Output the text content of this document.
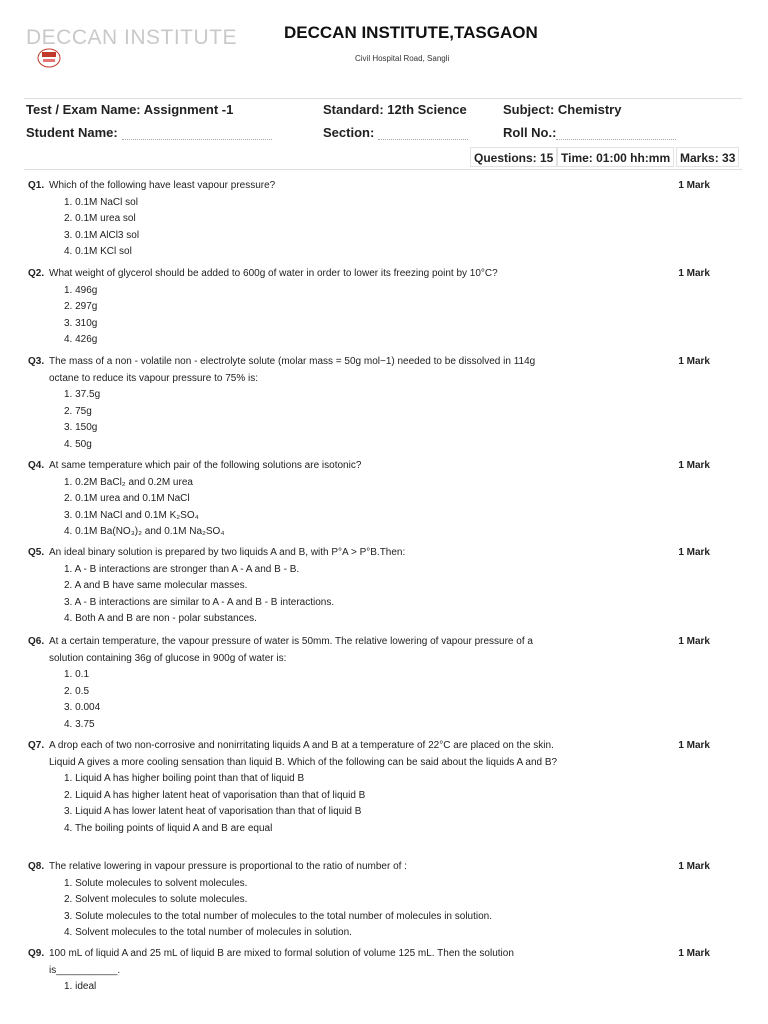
DECCAN INSTITUTE	DECCAN INSTITUTE,TASGAON
Civil Hospital Road, Sangli
Test / Exam Name: Assignment -1	Standard: 12th Science	Subject: Chemistry
Student Name:	Section:	Roll No.:
Questions: 15 Time: 01:00 hh:mm Marks: 33
Q1. Which of the following have least vapour pressure?	1 Mark
1. 0.1M NaCl sol
2. 0.1M urea sol
3. 0.1M AlCl3 sol
4. 0.1M KCl sol
Q2. What weight of glycerol should be added to 600g of water in order to lower its freezing point by 10°C?	1 Mark
1. 496g
2. 297g
3. 310g
4. 426g
Q3. The mass of a non - volatile non - electrolyte solute (molar mass = 50g mol−1) needed to be dissolved in 114g octane to reduce its vapour pressure to 75% is:
1 Mark
1. 37.5g
2. 75g
3. 150g
4. 50g
Q4. At same temperature which pair of the following solutions are isotonic?	1 Mark
1. 0.2M BaCl₂ and 0.2M urea
2. 0.1M urea and 0.1M NaCl
3. 0.1M NaCl and 0.1M K₂SO₄
4. 0.1M Ba(NO₃)₂ and 0.1M Na₂SO₄
Q5. An ideal binary solution is prepared by two liquids A and B, with P°A > P°B.Then:	1 Mark
1. A - B interactions are stronger than A - A and B - B.
2. A and B have same molecular masses.
3. A - B interactions are similar to A - A and B - B interactions.
4. Both A and B are non - polar substances.
Q6. At a certain temperature, the vapour pressure of water is 50mm. The relative lowering of vapour pressure of a solution containing 36g of glucose in 900g of water is:
1 Mark
1. 0.1
2. 0.5
3. 0.004
4. 3.75
Q7. A drop each of two non-corrosive and nonirritating liquids A and B at a temperature of 22°C are placed on the skin. Liquid A gives a more cooling sensation than liquid B. Which of the following can be said about the liquids A and B?
1 Mark
1. Liquid A has higher boiling point than that of liquid B
2. Liquid A has higher latent heat of vaporisation than that of liquid B
3. Liquid A has lower latent heat of vaporisation than that of liquid B
4. The boiling points of liquid A and B are equal
Q8. The relative lowering in vapour pressure is proportional to the ratio of number of :	1 Mark
1. Solute molecules to solvent molecules.
2. Solvent molecules to solute molecules.
3. Solute molecules to the total number of molecules to the total number of molecules in solution.
4. Solvent molecules to the total number of molecules in solution.
Q9. 100 mL of liquid A and 25 mL of liquid B are mixed to formal solution of volume 125 mL. Then the solution is___________.
1 Mark
1. ideal
